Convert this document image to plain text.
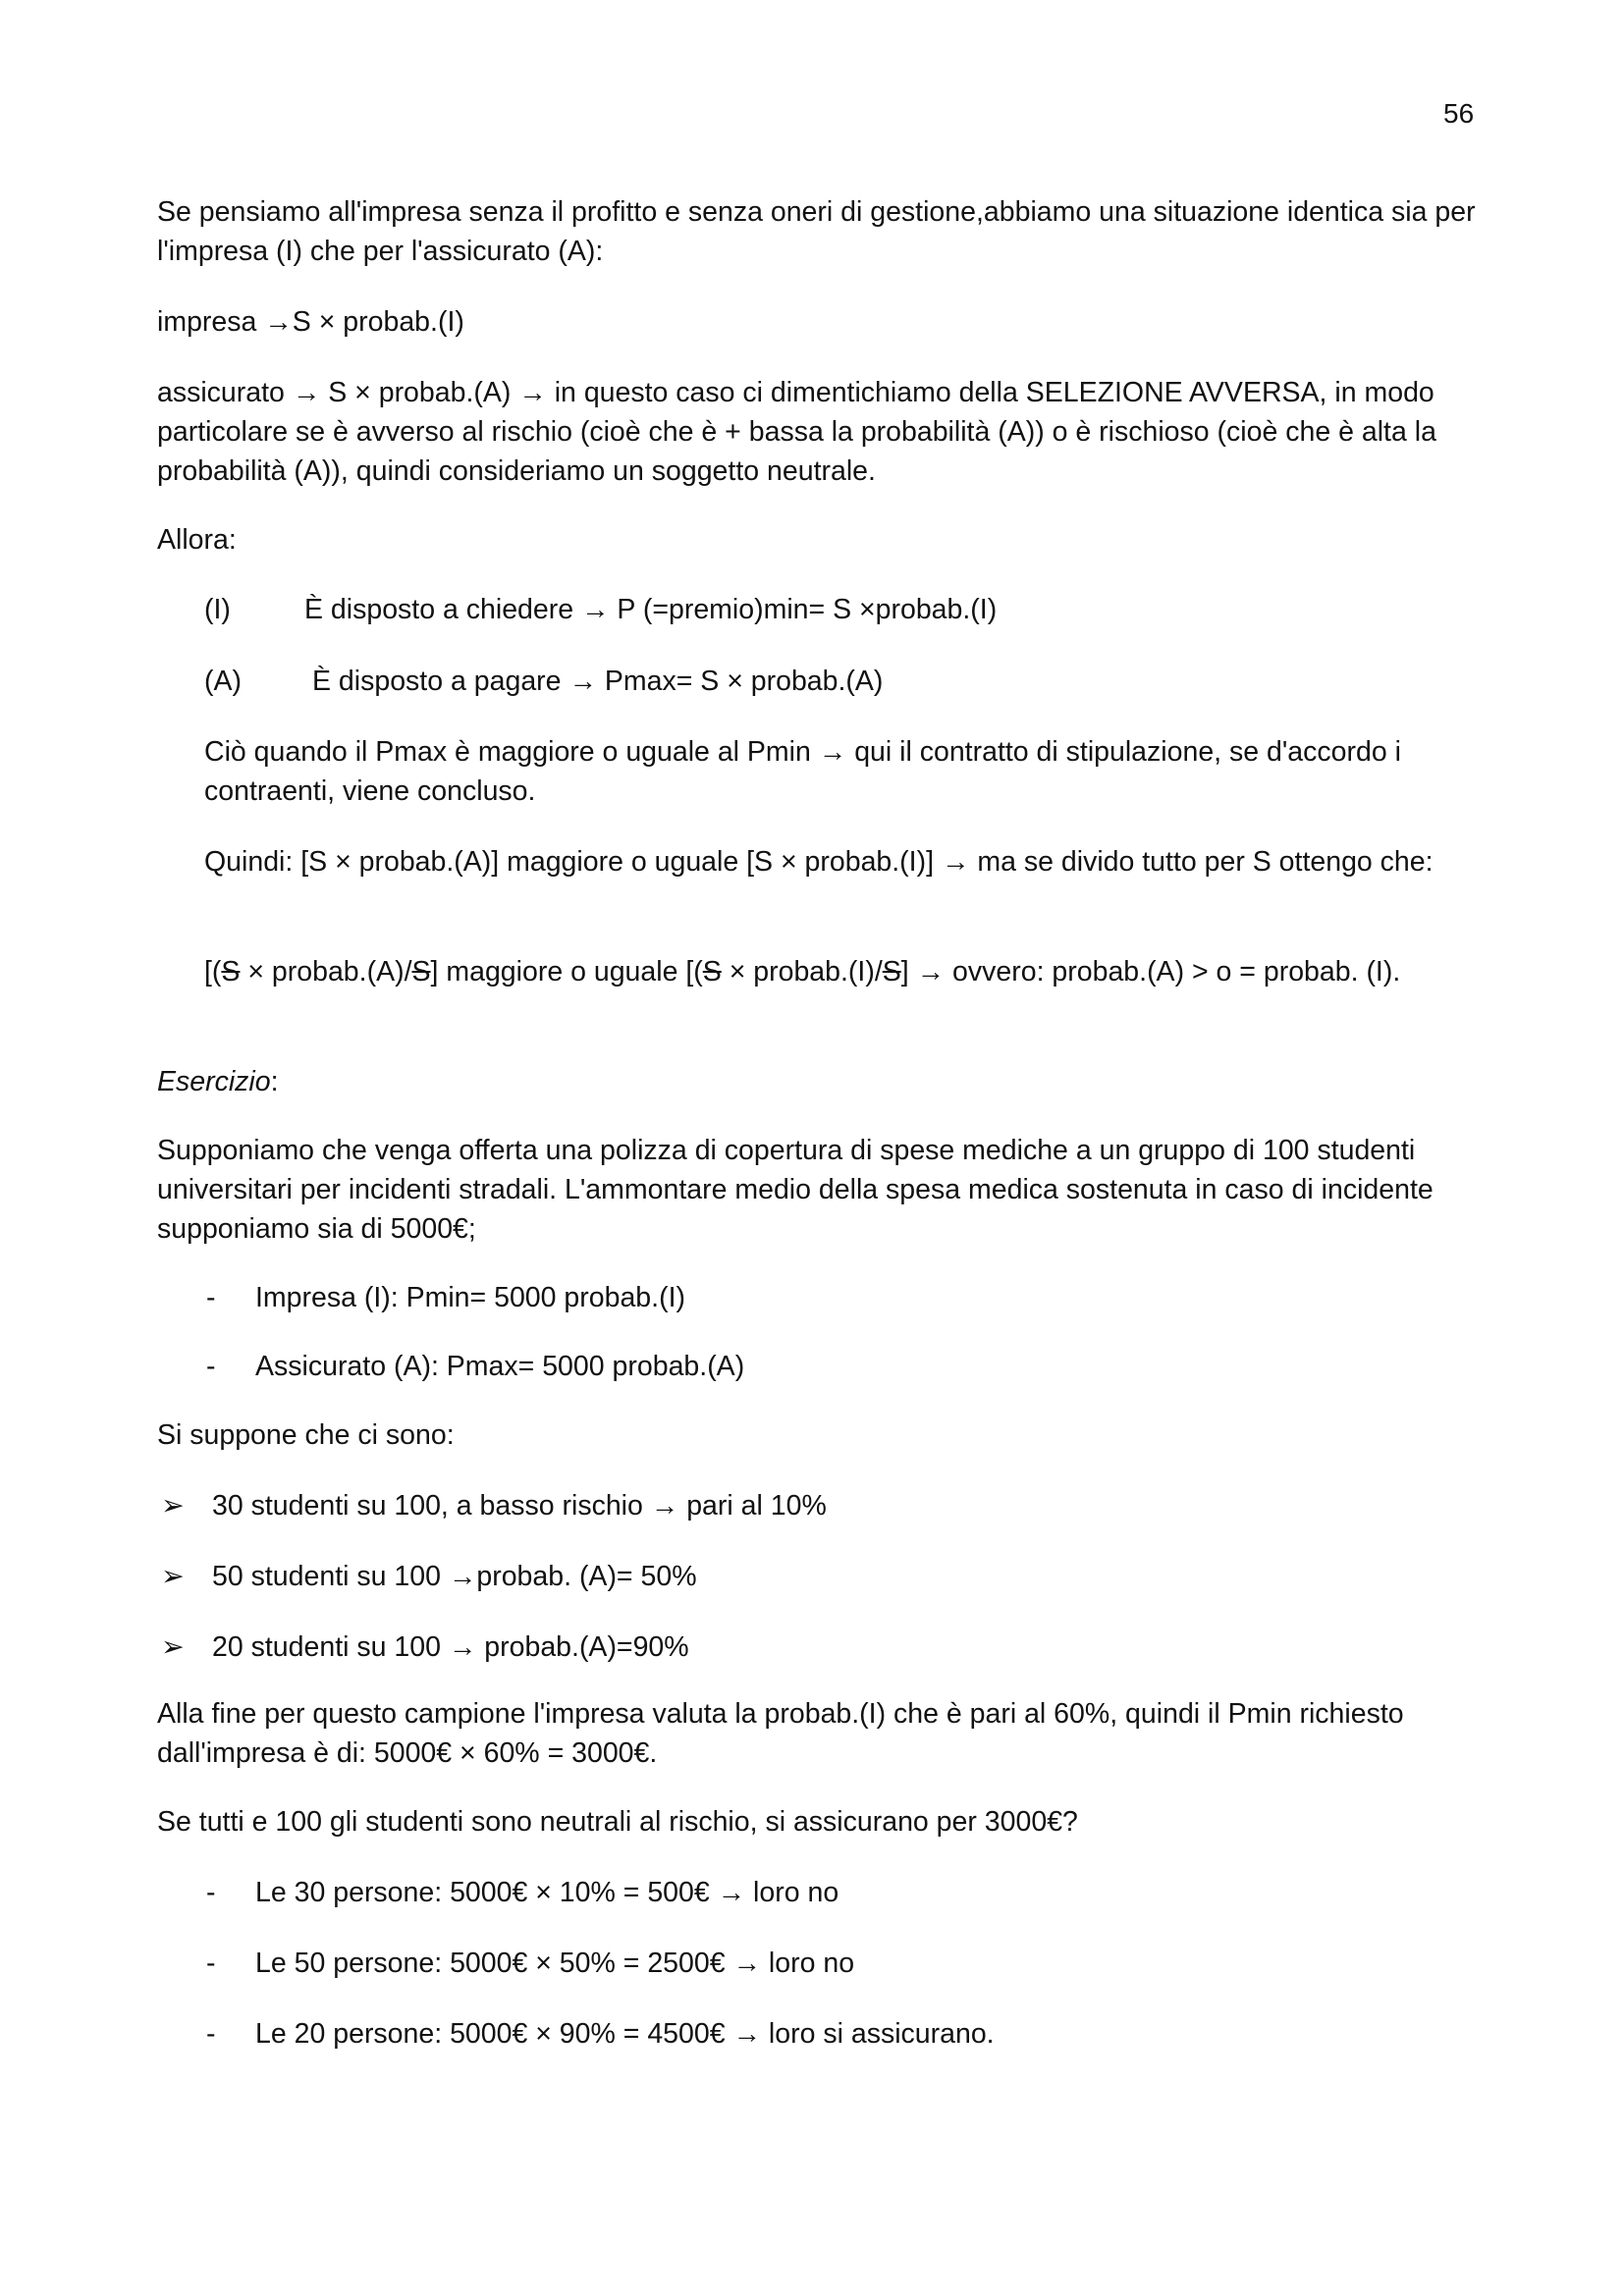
56

Se pensiamo all'impresa senza il profitto e senza oneri di gestione,abbiamo una situazione identica sia per l'impresa (I) che per l'assicurato (A):

impresa →S × probab.(I)

assicurato → S × probab.(A) → in questo caso ci dimentichiamo della SELEZIONE AVVERSA, in modo particolare se è avverso al rischio (cioè che è + bassa la probabilità (A)) o è rischioso (cioè che è alta la probabilità (A)), quindi consideriamo un soggetto neutrale.

Allora:

(I)	È disposto a chiedere → P (=premio)min= S ×probab.(I)
(A)	È disposto a pagare → Pmax= S × probab.(A)

Ciò quando il Pmax è maggiore o uguale al Pmin → qui il contratto di stipulazione, se d'accordo i contraenti, viene concluso.

Quindi: [S × probab.(A)] maggiore o uguale [S × probab.(I)] → ma se divido tutto per S ottengo che:

[(S × probab.(A)/S] maggiore o uguale [(S × probab.(I)/S] → ovvero: probab.(A) > o = probab. (I).

Esercizio:

Supponiamo che venga offerta una polizza di copertura di spese mediche a un gruppo di 100 studenti universitari per incidenti stradali. L'ammontare medio della spesa medica sostenuta in caso di incidente supponiamo sia di 5000€;

- Impresa (I): Pmin= 5000 probab.(I)
- Assicurato (A): Pmax= 5000 probab.(A)

Si suppone che ci sono:

➢ 30 studenti su 100, a basso rischio → pari al 10%
➢ 50 studenti su 100 →probab. (A)= 50%
➢ 20 studenti su 100 → probab.(A)=90%

Alla fine per questo campione l'impresa valuta la probab.(I) che è pari al 60%, quindi il Pmin richiesto dall'impresa è di: 5000€ × 60% = 3000€.

Se tutti e 100 gli studenti sono neutrali al rischio, si assicurano per 3000€?

- Le 30 persone: 5000€ × 10% = 500€ → loro no
- Le 50 persone: 5000€ × 50% = 2500€ → loro no
- Le 20 persone: 5000€ × 90% = 4500€ → loro si assicurano.
